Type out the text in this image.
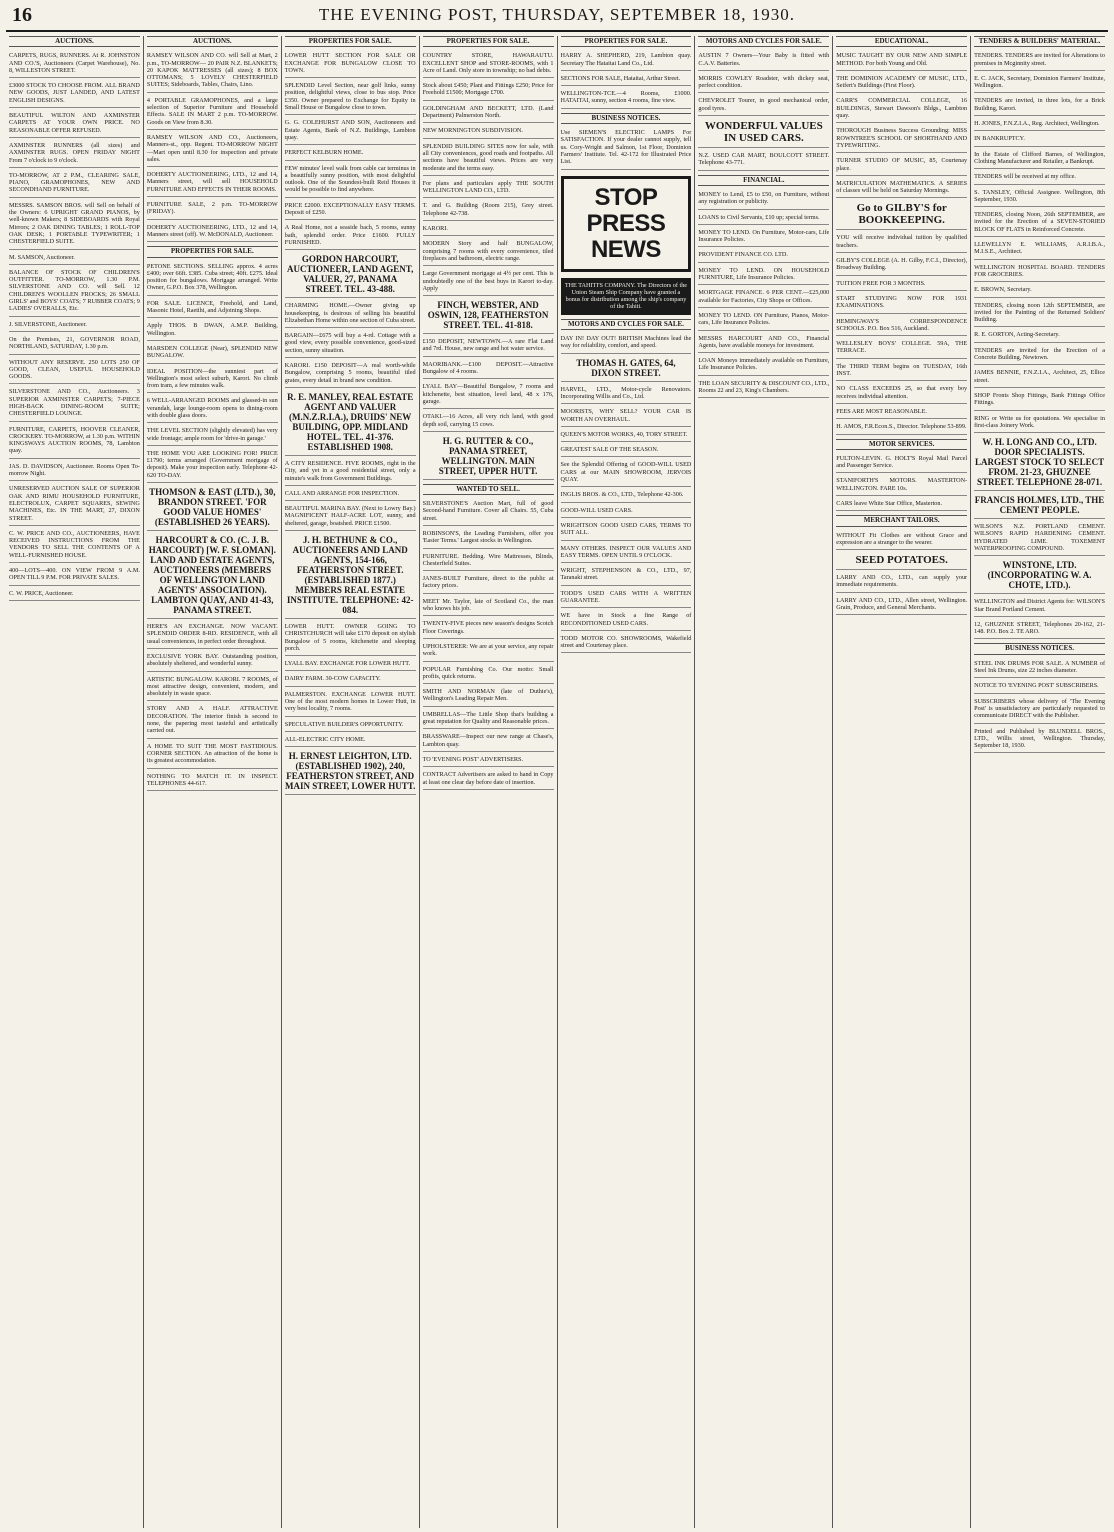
16	THE EVENING POST, THURSDAY, SEPTEMBER 18, 1930.
AUCTIONS.
CARPETS, RUGS, RUNNERS. At R. JOHNSTON AND CO.'S, Auctioneers (Carpet Warehouse), No. 8, WILLESTON STREET.
£3000 STOCK TO CHOOSE FROM. ALL BRAND NEW GOODS, JUST LANDED, AND LATEST ENGLISH DESIGNS.
BEAUTIFUL WILTON AND AXMINSTER CARPETS AT YOUR OWN PRICE. NO REASONABLE OFFER REFUSED.
AXMINSTER RUNNERS (all sizes) and AXMINSTER RUGS. OPEN FRIDAY NIGHT From 7 o'clock to 9 o'clock.
TO-MORROW, AT 2 P.M., CLEARING SALE, PIANO, GRAMOPHONES, NEW AND SECONDHAND FURNITURE.
MESSRS. SAMSON BROS. will Sell on behalf of the Owners: 6 UPRIGHT GRAND PIANOS, by well-known Makers; 8 SIDEBOARDS with Royal Mirrors; 2 OAK DINING TABLES; 1 ROLL-TOP OAK DESK; 1 PORTABLE TYPEWRITER; 1 CHESTERFIELD SUITE.
M. SAMSON, Auctioneer.
BALANCE OF STOCK OF CHILDREN'S OUTFITTER. TO-MORROW, 1.30 P.M. SILVERSTONE AND CO. will Sell. 12 CHILDREN'S WOOLLEN FROCKS; 26 SMALL GIRLS' and BOYS' COATS; 7 RUBBER COATS; 9 LADIES' OVERALLS, Etc.
J. SILVERSTONE, Auctioneer.
On the Premises, 21, GOVERNOR ROAD, NORTHLAND, SATURDAY, 1.30 p.m.
WITHOUT ANY RESERVE. 250 LOTS 250 OF GOOD, CLEAN, USEFUL HOUSEHOLD GOODS.
SILVERSTONE AND CO., Auctioneers. 3 SUPERIOR AXMINSTER CARPETS; 7-PIECE HIGH-BACK DINING-ROOM SUITE; CHESTERFIELD LOUNGE.
FURNITURE, CARPETS, HOOVER CLEANER, CROCKERY. TO-MORROW, at 1.30 p.m. WITHIN KINGSWAYS AUCTION ROOMS, 78, Lambton quay.
JAS. D. DAVIDSON, Auctioneer. Rooms Open To-morrow Night.
UNRESERVED AUCTION SALE OF SUPERIOR OAK AND RIMU HOUSEHOLD FURNITURE, ELECTROLUX, CARPET SQUARES, SEWING MACHINES, Etc. IN THE MART, 27, DIXON STREET.
C. W. PRICE AND CO., AUCTIONEERS, HAVE RECEIVED INSTRUCTIONS FROM THE VENDORS TO SELL THE CONTENTS OF A WELL-FURNISHED HOUSE.
400—LOTS—400. ON VIEW FROM 9 A.M. OPEN TILL 9 P.M. FOR PRIVATE SALES.
C. W. PRICE, Auctioneer.
AUCTIONS.
RAMSEY WILSON AND CO. will Sell at Mart, 2 p.m., TO-MORROW— 20 PAIR N.Z. BLANKETS; 20 KAPOK MATTRESSES (all sizes); 8 BOX OTTOMANS; 5 LOVELY CHESTERFIELD SUITES; Sideboards, Tables, Chairs, Lino.
4 PORTABLE GRAMOPHONES, and a large selection of Superior Furniture and Household Effects. SALE IN MART 2 p.m. TO-MORROW. Goods on View from 8.30.
RAMSEY WILSON AND CO., Auctioneers, Manners-st., opp. Regent. TO-MORROW NIGHT—Mart open until 8.30 for inspection and private sales.
DOHERTY AUCTIONEERING, LTD., 12 and 14, Manners street, will sell HOUSEHOLD FURNITURE AND EFFECTS IN THEIR ROOMS.
FURNITURE SALE, 2 p.m. TO-MORROW (FRIDAY).
DOHERTY AUCTIONEERING, LTD., 12 and 14, Manners street (off). W. McDONALD, Auctioneer.
PROPERTIES FOR SALE.
PETONE SECTIONS. SELLING approx. 4 acres £400; over 66ft. £385. Cuba street; 40ft. £275. Ideal position for bungalows. Mortgage arranged. Write Owner, G.P.O. Box 378, Wellington.
FOR SALE. LICENCE, Freehold, and Land, Masonic Hotel, Raetihi, and Adjoining Shops.
Apply THOS. B DWAN, A.M.P. Building, Wellington.
MARSDEN COLLEGE (Near), SPLENDID NEW BUNGALOW.
IDEAL POSITION—the sunniest part of Wellington's most select suburb, Karori. No climb from tram, a few minutes walk.
6 WELL-ARRANGED ROOMS and glassed-in sun verandah, large lounge-room opens to dining-room with double glass doors.
THE LEVEL SECTION (slightly elevated) has very wide frontage; ample room for 'drive-in garage.'
THE HOME YOU ARE LOOKING FOR! PRICE £1790; terms arranged (Government mortgage of deposit). Make your inspection early. Telephone 42-620 TO-DAY.
THOMSON & EAST (LTD.), 30, BRANDON STREET. 'FOR GOOD VALUE HOMES' (ESTABLISHED 26 YEARS).
HARCOURT & CO. (C. J. B. HARCOURT) [W. F. SLOMAN]. LAND AND ESTATE AGENTS, AUCTIONEERS (MEMBERS OF WELLINGTON LAND AGENTS' ASSOCIATION). LAMBTON QUAY, AND 41-43, PANAMA STREET.
HERE'S AN EXCHANGE. NOW VACANT. SPLENDID ORDER 8-RD. RESIDENCE, with all usual conveniences, in perfect order throughout.
EXCLUSIVE YORK BAY. Outstanding position, absolutely sheltered, and wonderful sunny.
ARTISTIC BUNGALOW. KARORI. 7 ROOMS, of most attractive design, convenient, modern, and absolutely in waste space.
STORY AND A HALF. ATTRACTIVE DECORATION. The interior finish is second to none, the papering most tasteful and artistically carried out.
A HOME TO SUIT THE MOST FASTIDIOUS. CORNER SECTION. An attraction of the home is its greatest accommodation.
NOTHING TO MATCH IT. IN INSPECT. TELEPHONES 44-617.
PROPERTIES FOR SALE.
LOWER HUTT SECTION FOR SALE OR EXCHANGE FOR BUNGALOW CLOSE TO TOWN.
SPLENDID Level Section, near golf links, sunny position, delightful views, close to bus stop. Price £350. Owner prepared to Exchange for Equity in Small House or Bungalow close to town.
G. G. COLEHURST AND SON, Auctioneers and Estate Agents, Bank of N.Z. Buildings, Lambton quay.
PERFECT KELBURN HOME.
FEW minutes' level walk from cable car terminus in a beautifully sunny position, with most delightful outlook. One of the Soundest-built Reid Houses it would be possible to find anywhere.
PRICE £2000. EXCEPTIONALLY EASY TERMS. Deposit of £250.
A Real Home, not a seaside bach, 5 rooms, sunny bath, splendid order. Price £1600. FULLY FURNISHED.
GORDON HARCOURT, AUCTIONEER, LAND AGENT, VALUER, 27, PANAMA STREET. TEL. 43-488.
CHARMING HOME.—Owner giving up housekeeping, is desirous of selling his beautiful Elizabethan Home within one section of Cuba street.
BARGAIN—£675 will buy a 4-rd. Cottage with a good view, every possible convenience, good-sized section, sunny situation.
KARORI. £150 DEPOSIT—A real worth-while Bungalow, comprising 5 rooms, beautiful tiled grates, every detail in brand new condition.
R. E. MANLEY, REAL ESTATE AGENT AND VALUER (M.N.Z.R.I.A.), DRUIDS' NEW BUILDING, OPP. MIDLAND HOTEL. TEL. 41-376. ESTABLISHED 1908.
A CITY RESIDENCE. FIVE ROOMS, right in the City, and yet in a good residential street, only a minute's walk from Government Buildings.
CALL AND ARRANGE FOR INSPECTION.
BEAUTIFUL MARINA BAY. (Next to Lowry Bay.) MAGNIFICENT HALF-ACRE LOT, sunny, and sheltered, garage, boatshed. PRICE £1500.
J. H. BETHUNE & CO., AUCTIONEERS AND LAND AGENTS, 154-166, FEATHERSTON STREET. (ESTABLISHED 1877.) MEMBERS REAL ESTATE INSTITUTE. TELEPHONE: 42-084.
LOWER HUTT. OWNER GOING TO CHRISTCHURCH will take £170 deposit on stylish Bungalow of 5 rooms, kitchenette and sleeping porch.
LYALL BAY. EXCHANGE FOR LOWER HUTT.
DAIRY FARM. 30-COW CAPACITY.
PALMERSTON. EXCHANGE LOWER HUTT. One of the most modern homes in Lower Hutt, in very best locality, 7 rooms.
SPECULATIVE BUILDER'S OPPORTUNITY.
ALL-ELECTRIC CITY HOME.
H. ERNEST LEIGHTON, LTD. (ESTABLISHED 1902), 240, FEATHERSTON STREET, AND MAIN STREET, LOWER HUTT.
PROPERTIES FOR SALE.
COUNTRY STORE, HAWARAUTU. EXCELLENT SHOP and STORE-ROOMS, with 1 Acre of Land. Only store in township; no bad debts.
Stock about £450; Plant and Fittings £250; Price for Freehold £1500; Mortgage £700.
GOLDINGHAM AND BECKETT, LTD. (Land Department) Palmerston North.
NEW MORNINGTON SUBDIVISION.
SPLENDID BUILDING SITES now for sale, with all City conveniences, good roads and footpaths. All sections have beautiful views. Prices are very moderate and the terms easy.
For plans and particulars apply THE SOUTH WELLINGTON LAND CO., LTD.
T. and G. Building (Room 215), Grey street. Telephone 42-738.
KARORI.
MODERN Story and half BUNGALOW, comprising 7 rooms with every convenience, tiled fireplaces and bathroom, electric range.
Large Government mortgage at 4½ per cent. This is undoubtedly one of the best buys in Karori to-day. Apply
FINCH, WEBSTER, AND OSWIN, 128, FEATHERSTON STREET. TEL. 41-818.
£150 DEPOSIT, NEWTOWN.—A rare Flat Land and 7rd. House, new range and hot water service.
MAORIBANK.—£100 DEPOSIT.—Attractive Bungalow of 4 rooms.
LYALL BAY—Beautiful Bungalow, 7 rooms and kitchenette, best situation, level land, 48 x 176, garage.
OTAKI.—16 Acres, all very rich land, with good depth soil, carrying 15 cows.
H. G. RUTTER & CO., PANAMA STREET, WELLINGTON. MAIN STREET, UPPER HUTT.
WANTED TO SELL.
SILVERSTONE'S Auction Mart, full of good Second-hand Furniture. Cover all Chairs. 55, Cuba street.
ROBINSON'S, the Leading Furnishers, offer you 'Easier Terms.' Largest stocks in Wellington.
FURNITURE. Bedding. Wire Mattresses, Blinds, Chesterfield Suites.
JANES-BUILT Furniture, direct to the public at factory prices.
MEET Mr. Taylor, late of Scotland Co., the man who knows his job.
TWENTY-FIVE pieces new season's designs Scotch Floor Coverings.
UPHOLSTERER: We are at your service, any repair work.
POPULAR Furnishing Co. Our motto: Small profits, quick returns.
SMITH AND NORMAN (late of Duthie's), Wellington's Leading Repair Men.
UMBRELLAS—The Little Shop that's building a great reputation for Quality and Reasonable prices.
BRASSWARE—Inspect our new range at Chase's, Lambton quay.
TO 'EVENING POST' ADVERTISERS.
CONTRACT Advertisers are asked to hand in Copy at least one clear day before date of insertion.
PROPERTIES FOR SALE.
HARRY A. SHEPHERD, 219, Lambton quay. Secretary The Hataitai Land Co., Ltd.
SECTIONS FOR SALE, Hataitai, Arthur Street.
WELLINGTON-TCE.—4 Rooms, £1000. HATAITAI, sunny, section 4 rooms, fine view.
BUSINESS NOTICES.
Use SIEMEN'S ELECTRIC LAMPS For SATISFACTION. If your dealer cannot supply, tell us. Cory-Wright and Salmon, 1st Floor, Dominion Farmers' Institute. Tel. 42-172 for Illustrated Price List.
STOP PRESS NEWS
THE TAHITI'S COMPANY. The Directors of the Union Steam Ship Company have granted a bonus for distribution among the ship's company of the Tahiti.
MOTORS AND CYCLES FOR SALE.
DAY IN! DAY OUT! BRITISH Machines lead the way for reliability, comfort, and speed.
THOMAS H. GATES, 64, DIXON STREET.
HARVEL, LTD., Motor-cycle Renovators. Incorporating Willis and Co., Ltd.
MOORISTS, WHY SELL? YOUR CAR IS WORTH AN OVERHAUL.
QUEEN'S MOTOR WORKS, 40, TORY STREET.
GREATEST SALE OF THE SEASON.
See the Splendid Offering of GOOD-WILL USED CARS at our MAIN SHOWROOM, JERVOIS QUAY.
INGLIS BROS. & CO., LTD., Telephone 42-306.
GOOD-WILL USED CARS.
WRIGHTSON GOOD USED CARS, TERMS TO SUIT ALL.
MANY OTHERS. INSPECT OUR VALUES AND EASY TERMS. OPEN UNTIL 9 O'CLOCK.
WRIGHT, STEPHENSON & CO., LTD., 97, Taranaki street.
TODD'S USED CARS WITH A WRITTEN GUARANTEE.
WE have in Stock a fine Range of RECONDITIONED USED CARS.
TODD MOTOR CO. SHOWROOMS, Wakefield street and Courtenay place.
MOTORS AND CYCLES FOR SALE.
AUSTIN 7 Owners—Your Baby is fitted with C.A.V. Batteries.
MORRIS COWLEY Roadster, with dickey seat, perfect condition.
CHEVROLET Tourer, in good mechanical order, good tyres.
WONDERFUL VALUES IN USED CARS.
N.Z. USED CAR MART, BOULCOTT STREET. Telephone 43-771.
FINANCIAL.
MONEY to Lend, £5 to £50, on Furniture, without any registration or publicity.
LOANS to Civil Servants, £10 up; special terms.
MONEY TO LEND. On Furniture, Motor-cars, Life Insurance Policies.
PROVIDENT FINANCE CO. LTD.
MONEY TO LEND. ON HOUSEHOLD FURNITURE, Life Insurance Policies.
MORTGAGE FINANCE. 6 PER CENT.—£25,000 available for Factories, City Shops or Offices.
MONEY TO LEND. ON Furniture, Pianos, Motor-cars, Life Insurance Policies.
MESSRS HARCOURT AND CO., Financial Agents, have available moneys for investment.
LOAN Moneys immediately available on Furniture, Life Insurance Policies.
THE LOAN SECURITY & DISCOUNT CO., LTD., Rooms 22 and 23, King's Chambers.
EDUCATIONAL.
MUSIC TAUGHT BY OUR NEW AND SIMPLE METHOD. For both Young and Old.
THE DOMINION ACADEMY OF MUSIC, LTD., Seifert's Buildings (First Floor).
CARR'S COMMERCIAL COLLEGE, 16 BUILDINGS, Stewart Dawson's Bldgs., Lambton quay.
THOROUGH Business Success Grounding: MISS ROWNTREE'S SCHOOL OF SHORTHAND AND TYPEWRITING.
TURNER STUDIO OF MUSIC, 85, Courtenay place.
MATRICULATION MATHEMATICS. A SERIES of classes will be held on Saturday Mornings.
Go to GILBY'S for BOOKKEEPING.
YOU will receive individual tuition by qualified teachers.
GILBY'S COLLEGE (A. H. Gilby, F.C.I., Director), Broadway Building.
TUITION FREE FOR 3 MONTHS.
START STUDYING NOW FOR 1931 EXAMINATIONS.
HEMINGWAY'S CORRESPONDENCE SCHOOLS. P.O. Box 516, Auckland.
WELLESLEY BOYS' COLLEGE. 59A, THE TERRACE.
The THIRD TERM begins on TUESDAY, 16th INST.
NO CLASS EXCEEDS 25, so that every boy receives individual attention.
FEES ARE MOST REASONABLE.
H. AMOS, F.R.Econ.S., Director. Telephone 53-899.
MOTOR SERVICES.
FULTON-LEVIN. G. HOLT'S Royal Mail Parcel and Passenger Service.
STANIFORTH'S MOTORS. MASTERTON-WELLINGTON. FARE 10s.
CARS leave White Star Office, Masterton.
MERCHANT TAILORS.
WITHOUT Fit Clothes are without Grace and expression are a stranger to the wearer.
SEED POTATOES.
LARRY AND CO., LTD., can supply your immediate requirements.
LARRY AND CO., LTD., Allen street, Wellington. Grain, Produce, and General Merchants.
TENDERS & BUILDERS' MATERIAL.
TENDERS. TENDERS are invited for Alterations to premises in Mcginnity street.
E. C. JACK, Secretary, Dominion Farmers' Institute, Wellington.
TENDERS are invited, in three lots, for a Brick Building, Karori.
H. JONES, F.N.Z.I.A., Reg. Architect, Wellington.
IN BANKRUPTCY.
In the Estate of Clifford Barnes, of Wellington, Clothing Manufacturer and Retailer, a Bankrupt.
TENDERS will be received at my office.
S. TANSLEY, Official Assignee. Wellington, 8th September, 1930.
TENDERS, closing Noon, 26th SEPTEMBER, are invited for the Erection of a SEVEN-STORIED BLOCK OF FLATS in Reinforced Concrete.
LLEWELLYN E. WILLIAMS, A.R.I.B.A., M.I.S.E., Architect.
WELLINGTON HOSPITAL BOARD. TENDERS FOR GROCERIES.
E. BROWN, Secretary.
TENDERS, closing noon 12th SEPTEMBER, are invited for the Painting of the Returned Soldiers' Building.
R. E. GORTON, Acting-Secretary.
TENDERS are invited for the Erection of a Concrete Building, Newtown.
JAMES BENNIE, F.N.Z.I.A., Architect, 25, Ellice street.
SHOP Fronts Shop Fittings, Bank Fittings Office Fittings.
RING or Write us for quotations. We specialise in first-class Joinery Work.
W. H. LONG AND CO., LTD. DOOR SPECIALISTS. LARGEST STOCK TO SELECT FROM. 21-23, GHUZNEE STREET. TELEPHONE 28-071.
FRANCIS HOLMES, LTD., THE CEMENT PEOPLE.
WILSON'S N.Z. PORTLAND CEMENT. WILSON'S RAPID HARDENING CEMENT. HYDRATED LIME. TOXEMENT WATERPROOFING COMPOUND.
WINSTONE, LTD. (INCORPORATING W. A. CHOTE, LTD.).
WELLINGTON and District Agents for: WILSON'S Star Brand Portland Cement.
12, GHUZNEE STREET, Telephones 20-162, 21-148. P.O. Box 2. TE ARO.
BUSINESS NOTICES.
STEEL INK DRUMS FOR SALE. A NUMBER of Steel Ink Drums, size 22 inches diameter.
NOTICE TO 'EVENING POST' SUBSCRIBERS.
SUBSCRIBERS whose delivery of 'The Evening Post' is unsatisfactory are particularly requested to communicate DIRECT with the Publisher.
Printed and Published by BLUNDELL BROS., LTD., Willis street, Wellington. Thursday, September 18, 1930.
